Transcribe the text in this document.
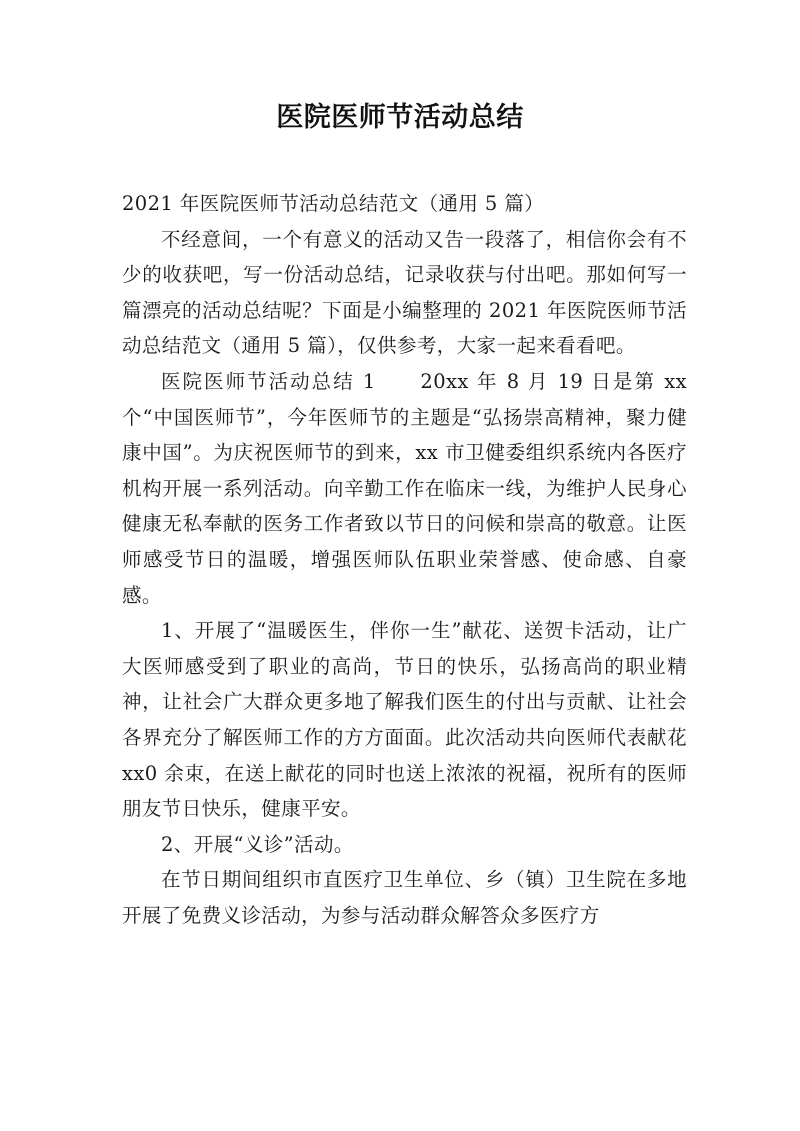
医院医师节活动总结

2021 年医院医师节活动总结范文（通用 5 篇）

不经意间，一个有意义的活动又告一段落了，相信你会有不少的收获吧，写一份活动总结，记录收获与付出吧。那如何写一篇漂亮的活动总结呢？下面是小编整理的 2021 年医院医师节活动总结范文（通用 5 篇），仅供参考，大家一起来看看吧。

医院医师节活动总结 1　　20xx 年 8 月 19 日是第 xx 个“中国医师节”，今年医师节的主题是“弘扬崇高精神，聚力健康中国”。为庆祝医师节的到来，xx 市卫健委组织系统内各医疗机构开展一系列活动。向辛勤工作在临床一线，为维护人民身心健康无私奉献的医务工作者致以节日的问候和崇高的敬意。让医师感受节日的温暖，增强医师队伍职业荣誉感、使命感、自豪感。

1、开展了“温暖医生，伴你一生”献花、送贺卡活动，让广大医师感受到了职业的高尚，节日的快乐，弘扬高尚的职业精神，让社会广大群众更多地了解我们医生的付出与贡献、让社会各界充分了解医师工作的方方面面。此次活动共向医师代表献花 xx0 余束，在送上献花的同时也送上浓浓的祝福，祝所有的医师朋友节日快乐，健康平安。

2、开展“义诊”活动。

在节日期间组织市直医疗卫生单位、乡（镇）卫生院在多地开展了免费义诊活动，为参与活动群众解答众多医疗方
